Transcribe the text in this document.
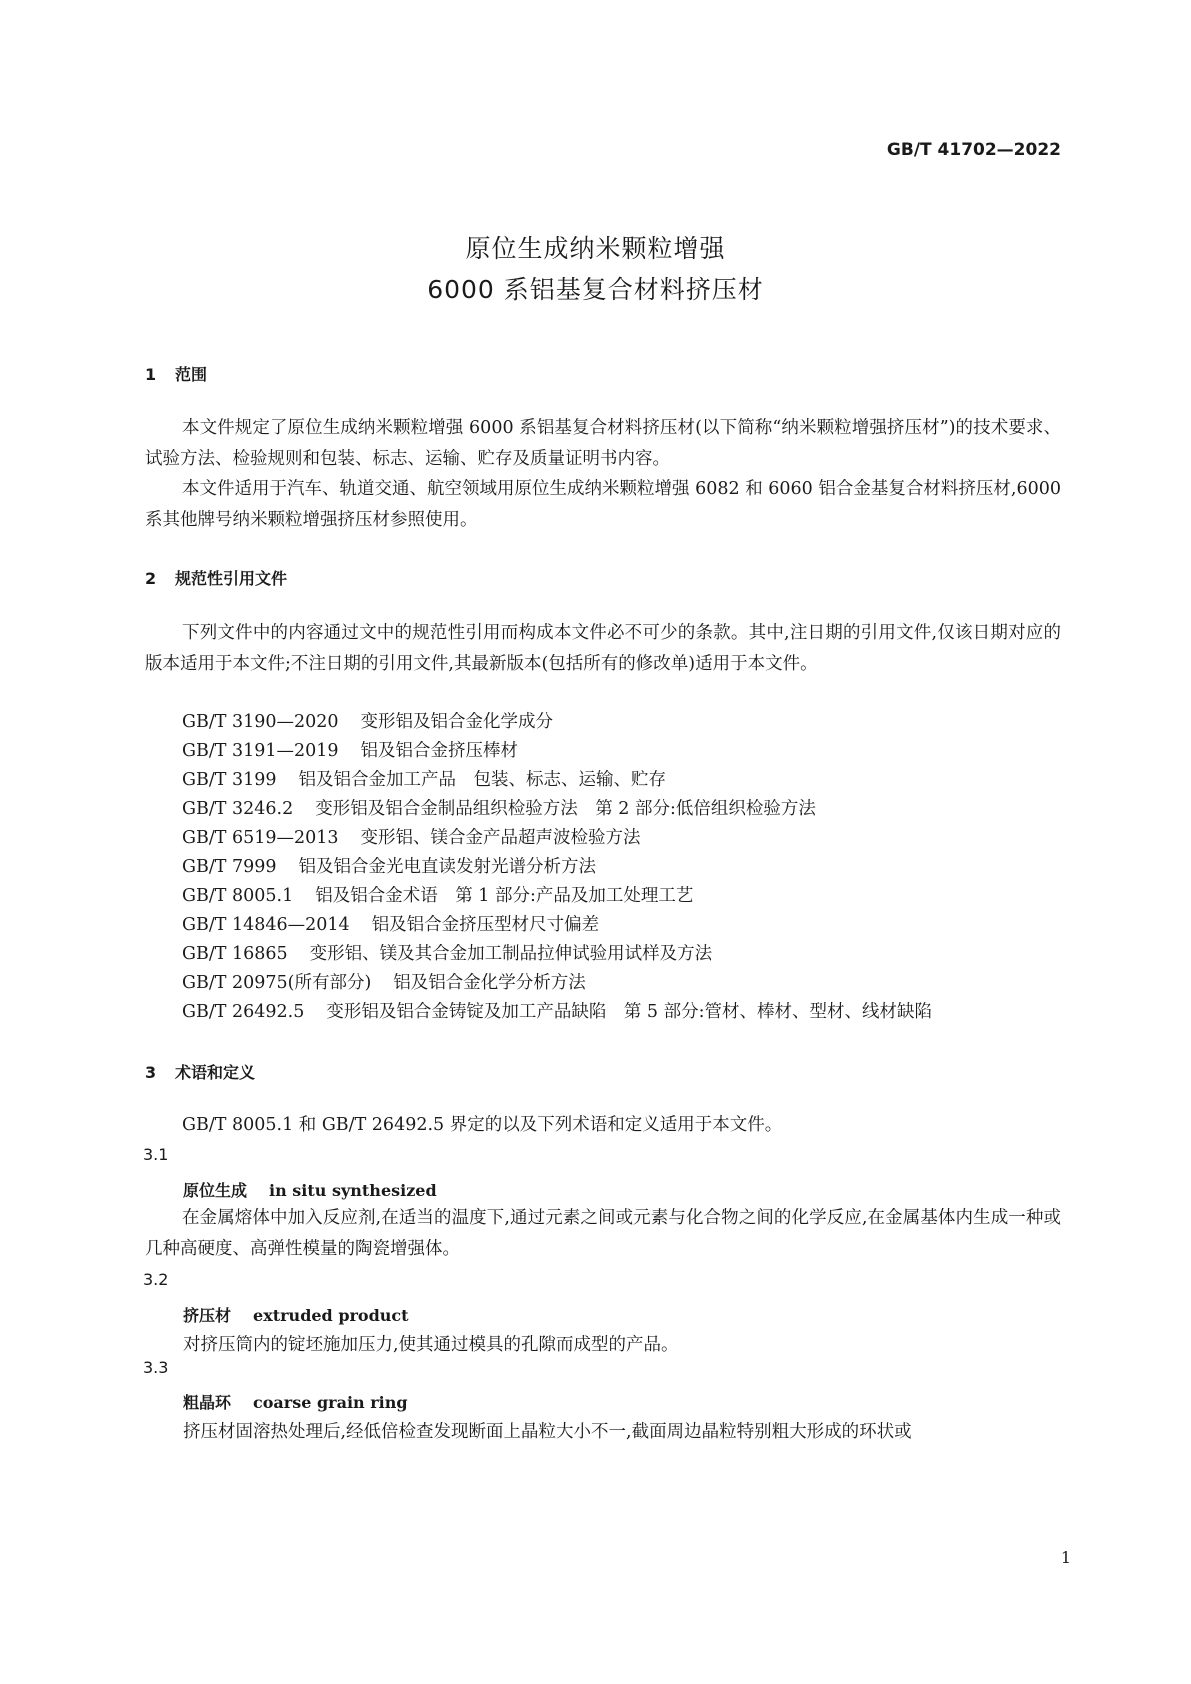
GB/T 41702—2022
原位生成纳米颗粒增强
6000 系铝基复合材料挤压材
1 范围

本文件规定了原位生成纳米颗粒增强 6000 系铝基复合材料挤压材(以下简称“纳米颗粒增强挤压材”)的技术要求、试验方法、检验规则和包装、标志、运输、贮存及质量证明书内容。

本文件适用于汽车、轨道交通、航空领域用原位生成纳米颗粒增强 6082 和 6060 铝合金基复合材料挤压材,6000 系其他牌号纳米颗粒增强挤压材参照使用。

2 规范性引用文件

下列文件中的内容通过文中的规范性引用而构成本文件必不可少的条款。其中,注日期的引用文件,仅该日期对应的版本适用于本文件;不注日期的引用文件,其最新版本(包括所有的修改单)适用于本文件。

GB/T 3190—2020 变形铝及铝合金化学成分
GB/T 3191—2019 铝及铝合金挤压棒材
GB/T 3199 铝及铝合金加工产品　包装、标志、运输、贮存
GB/T 3246.2 变形铝及铝合金制品组织检验方法　第 2 部分:低倍组织检验方法
GB/T 6519—2013 变形铝、镁合金产品超声波检验方法
GB/T 7999 铝及铝合金光电直读发射光谱分析方法
GB/T 8005.1 铝及铝合金术语　第 1 部分:产品及加工处理工艺
GB/T 14846—2014 铝及铝合金挤压型材尺寸偏差
GB/T 16865 变形铝、镁及其合金加工制品拉伸试验用试样及方法
GB/T 20975(所有部分) 铝及铝合金化学分析方法
GB/T 26492.5 变形铝及铝合金铸锭及加工产品缺陷　第 5 部分:管材、棒材、型材、线材缺陷
3 术语和定义
GB/T 8005.1 和 GB/T 26492.5 界定的以及下列术语和定义适用于本文件。
3.1
原位生成 in situ synthesized

在金属熔体中加入反应剂,在适当的温度下,通过元素之间或元素与化合物之间的化学反应,在金属基体内生成一种或几种高硬度、高弹性模量的陶瓷增强体。

3.2
挤压材 extruded product
对挤压筒内的锭坯施加压力,使其通过模具的孔隙而成型的产品。
3.3
粗晶环 coarse grain ring
挤压材固溶热处理后,经低倍检查发现断面上晶粒大小不一,截面周边晶粒特别粗大形成的环状或
1
